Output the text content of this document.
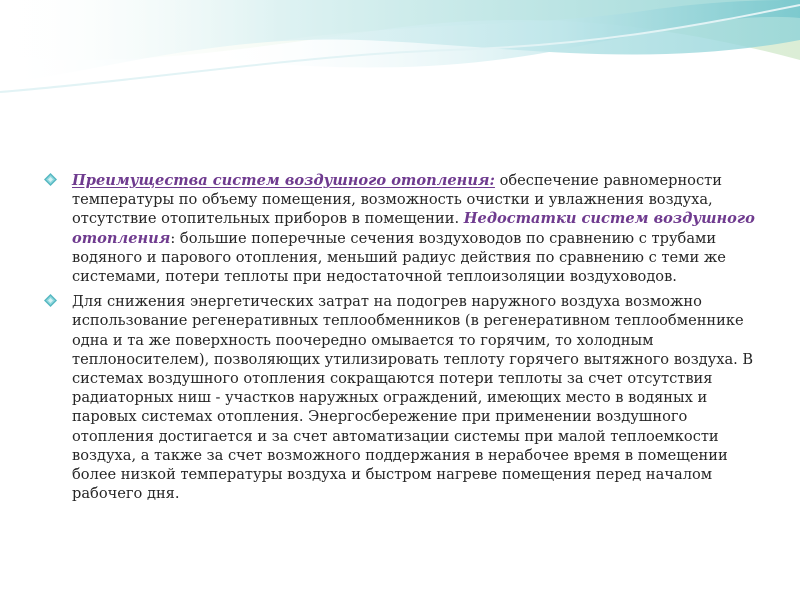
Преимущества систем воздушного отопления: обеспечение равномерности температуры по объему помещения, возможность очистки и увлажнения воздуха, отсутствие отопительных приборов в помещении. Недостатки систем воздушного отопления: большие поперечные сечения воздуховодов по сравнению с трубами водяного и парового отопления, меньший радиус действия по сравнению с теми же системами, потери теплоты при недостаточной теплоизоляции воздуховодов.

Для снижения энергетических затрат на подогрев наружного воздуха возможно использование регенеративных теплообменников (в регенеративном теплообменнике одна и та же поверхность поочередно омывается то горячим, то холодным теплоносителем), позволяющих утилизировать теплоту горячего вытяжного воздуха. В системах воздушного отопления сокращаются потери теплоты за счет отсутствия радиаторных ниш - участков наружных ограждений, имеющих место в водяных и паровых системах отопления. Энергосбережение при применении воздушного отопления достигается и за счет автоматизации системы при малой теплоемкости воздуха, а также за счет возможного поддержания в нерабочее время в помещении более низкой температуры воздуха и быстром нагреве помещения перед началом рабочего дня.
